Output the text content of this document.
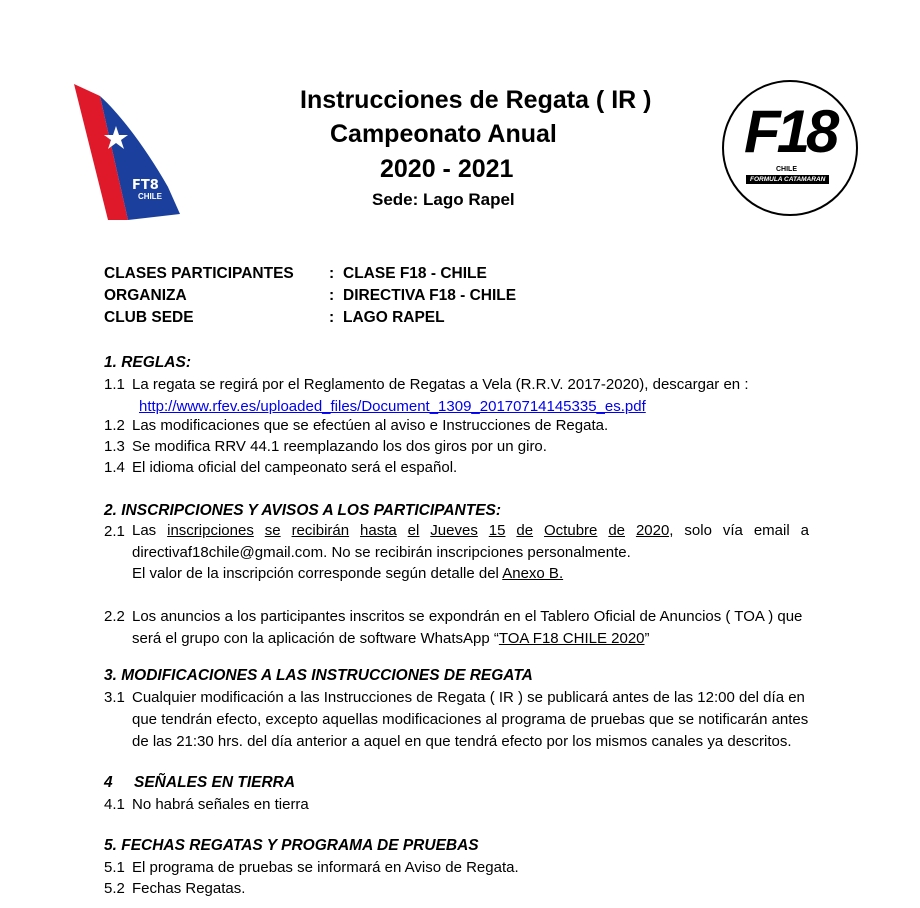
FT8
CHILE
Instrucciones de Regata ( IR )
Campeonato Anual
2020 - 2021
Sede: Lago Rapel
F18
CHILE
FORMULA CATAMARAN
CLASES PARTICIPANTES : CLASE F18 - CHILE
ORGANIZA	: DIRECTIVA F18 - CHILE
CLUB SEDE	: LAGO RAPEL
1. REGLAS:
1.1 La regata se regirá por el Reglamento de Regatas a Vela (R.R.V. 2017-2020), descargar en :
http://www.rfev.es/uploaded_files/Document_1309_20170714145335_es.pdf
1.2 Las modificaciones que se efectúen al aviso e Instrucciones de Regata.
1.3 Se modifica RRV 44.1 reemplazando los dos giros por un giro.
1.4 El idioma oficial del campeonato será el español.
2. INSCRIPCIONES Y AVISOS A LOS PARTICIPANTES:
2.1 Las inscripciones se recibirán hasta el Jueves 15 de Octubre de 2020, solo vía email a
directivaf18chile@gmail.com. No se recibirán inscripciones personalmente.
El valor de la inscripción corresponde según detalle del Anexo B.
2.2 Los anuncios a los participantes inscritos se expondrán en el Tablero Oficial de Anuncios ( TOA ) que
será el grupo con la aplicación de software WhatsApp “TOA F18 CHILE 2020”
3. MODIFICACIONES A LAS INSTRUCCIONES DE REGATA
3.1 Cualquier modificación a las Instrucciones de Regata ( IR ) se publicará antes de las 12:00 del día en
que tendrán efecto, excepto aquellas modificaciones al programa de pruebas que se notificarán antes
de las 21:30 hrs. del día anterior a aquel en que tendrá efecto por los mismos canales ya descritos.
4 SEÑALES EN TIERRA
4.1 No habrá señales en tierra
5. FECHAS REGATAS Y PROGRAMA DE PRUEBAS
5.1 El programa de pruebas se informará en Aviso de Regata.
5.2 Fechas Regatas.
